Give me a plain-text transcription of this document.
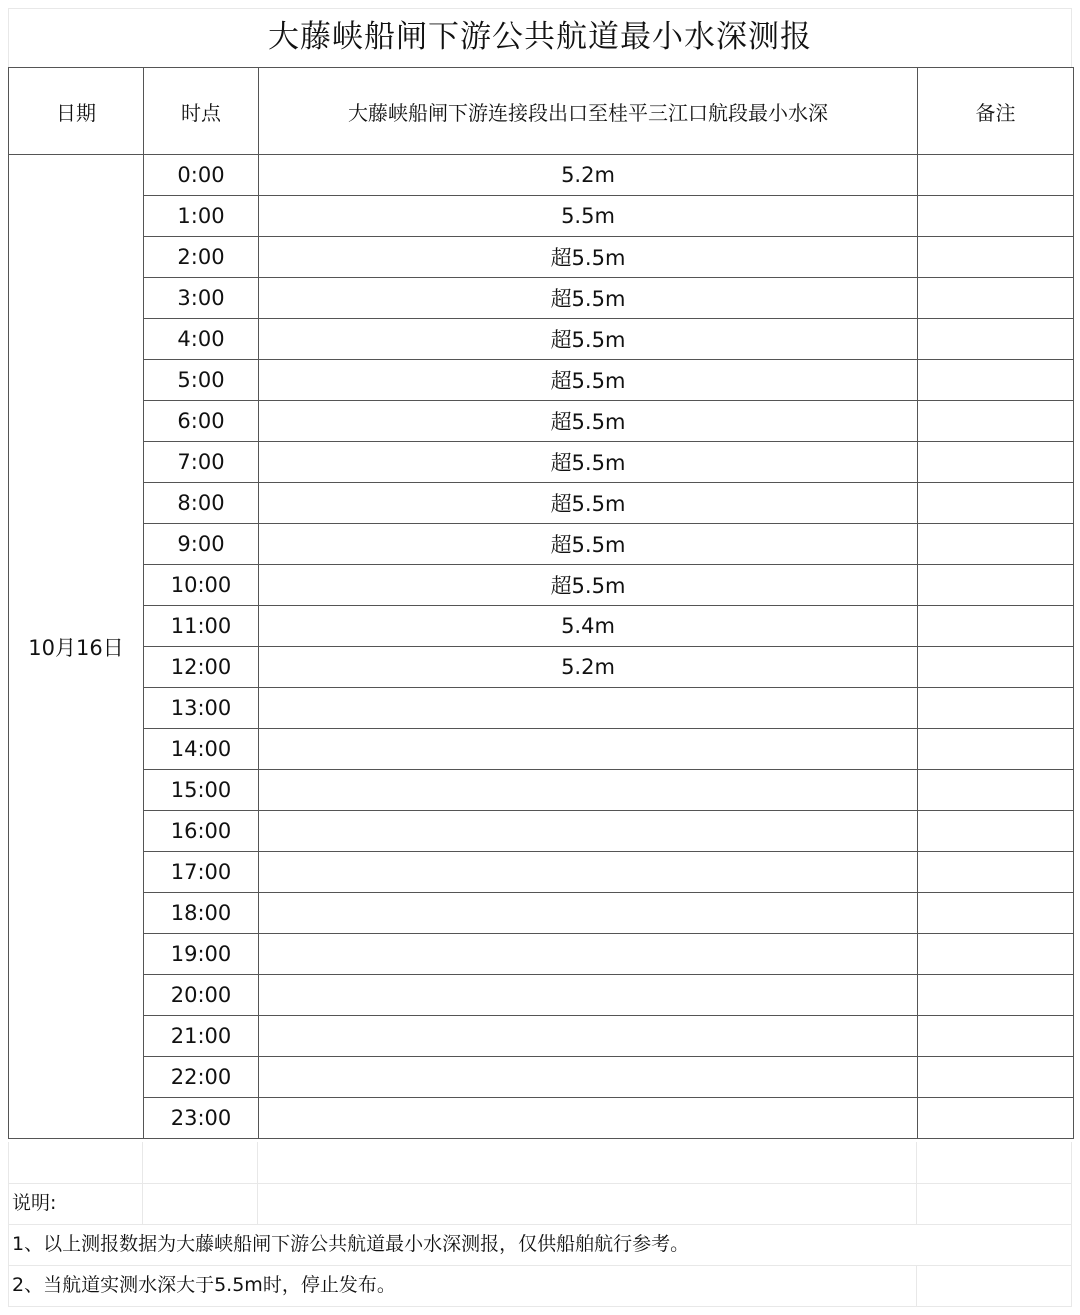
大藤峡船闸下游公共航道最小水深测报
日期	时点	大藤峡船闸下游连接段出口至桂平三江口航段最小水深	备注
10月16日	0:00	5.2m	
	1:00	5.5m	
	2:00	超5.5m	
	3:00	超5.5m	
	4:00	超5.5m	
	5:00	超5.5m	
	6:00	超5.5m	
	7:00	超5.5m	
	8:00	超5.5m	
	9:00	超5.5m	
	10:00	超5.5m	
	11:00	5.4m	
	12:00	5.2m	
	13:00		
	14:00		
	15:00		
	16:00		
	17:00		
	18:00		
	19:00		
	20:00		
	21:00		
	22:00		
	23:00		
说明:
1、以上测报数据为大藤峡船闸下游公共航道最小水深测报，仅供船舶航行参考。
2、当航道实测水深大于5.5m时，停止发布。
